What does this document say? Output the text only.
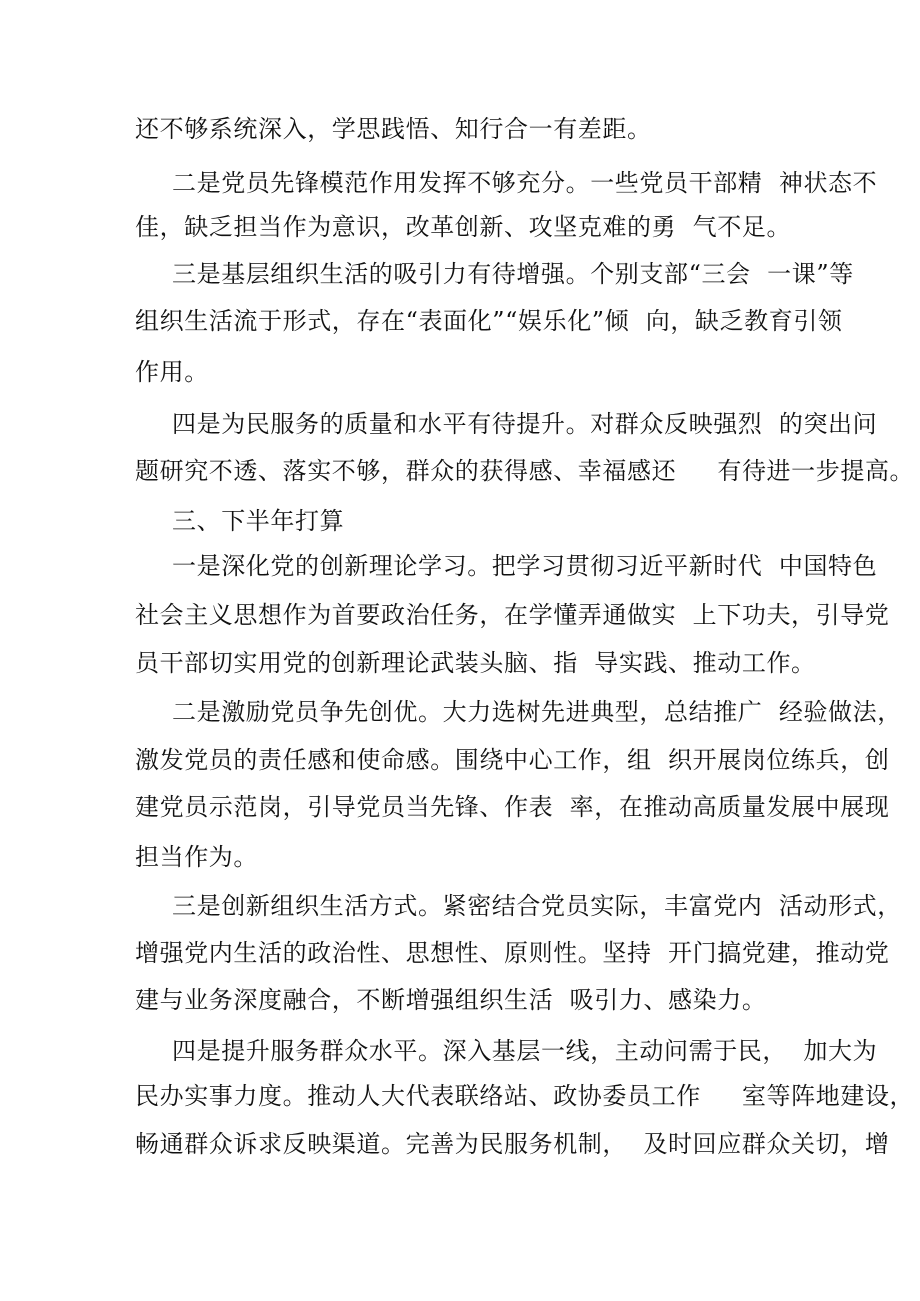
还不够系统深入，学思践悟、知行合一有差距。
二是党员先锋模范作用发挥不够充分。一些党员干部精  神状态不
佳，缺乏担当作为意识，改革创新、攻坚克难的勇  气不足。
三是基层组织生活的吸引力有待增强。个别支部“三会  一课”等
组织生活流于形式，存在“表面化”“娱乐化”倾  向，缺乏教育引领
作用。
四是为民服务的质量和水平有待提升。对群众反映强烈  的突出问
题研究不透、落实不够，群众的获得感、幸福感还     有待进一步提高。
三、下半年打算
一是深化党的创新理论学习。把学习贯彻习近平新时代  中国特色
社会主义思想作为首要政治任务，在学懂弄通做实  上下功夫，引导党
员干部切实用党的创新理论武装头脑、指  导实践、推动工作。
二是激励党员争先创优。大力选树先进典型，总结推广  经验做法，
激发党员的责任感和使命感。围绕中心工作，组  织开展岗位练兵，创
建党员示范岗，引导党员当先锋、作表  率，在推动高质量发展中展现
担当作为。
三是创新组织生活方式。紧密结合党员实际，丰富党内  活动形式，
增强党内生活的政治性、思想性、原则性。坚持  开门搞党建，推动党
建与业务深度融合，不断增强组织生活  吸引力、感染力。
四是提升服务群众水平。深入基层一线，主动问需于民，  加大为
民办实事力度。推动人大代表联络站、政协委员工作     室等阵地建设，
畅通群众诉求反映渠道。完善为民服务机制，  及时回应群众关切，增
